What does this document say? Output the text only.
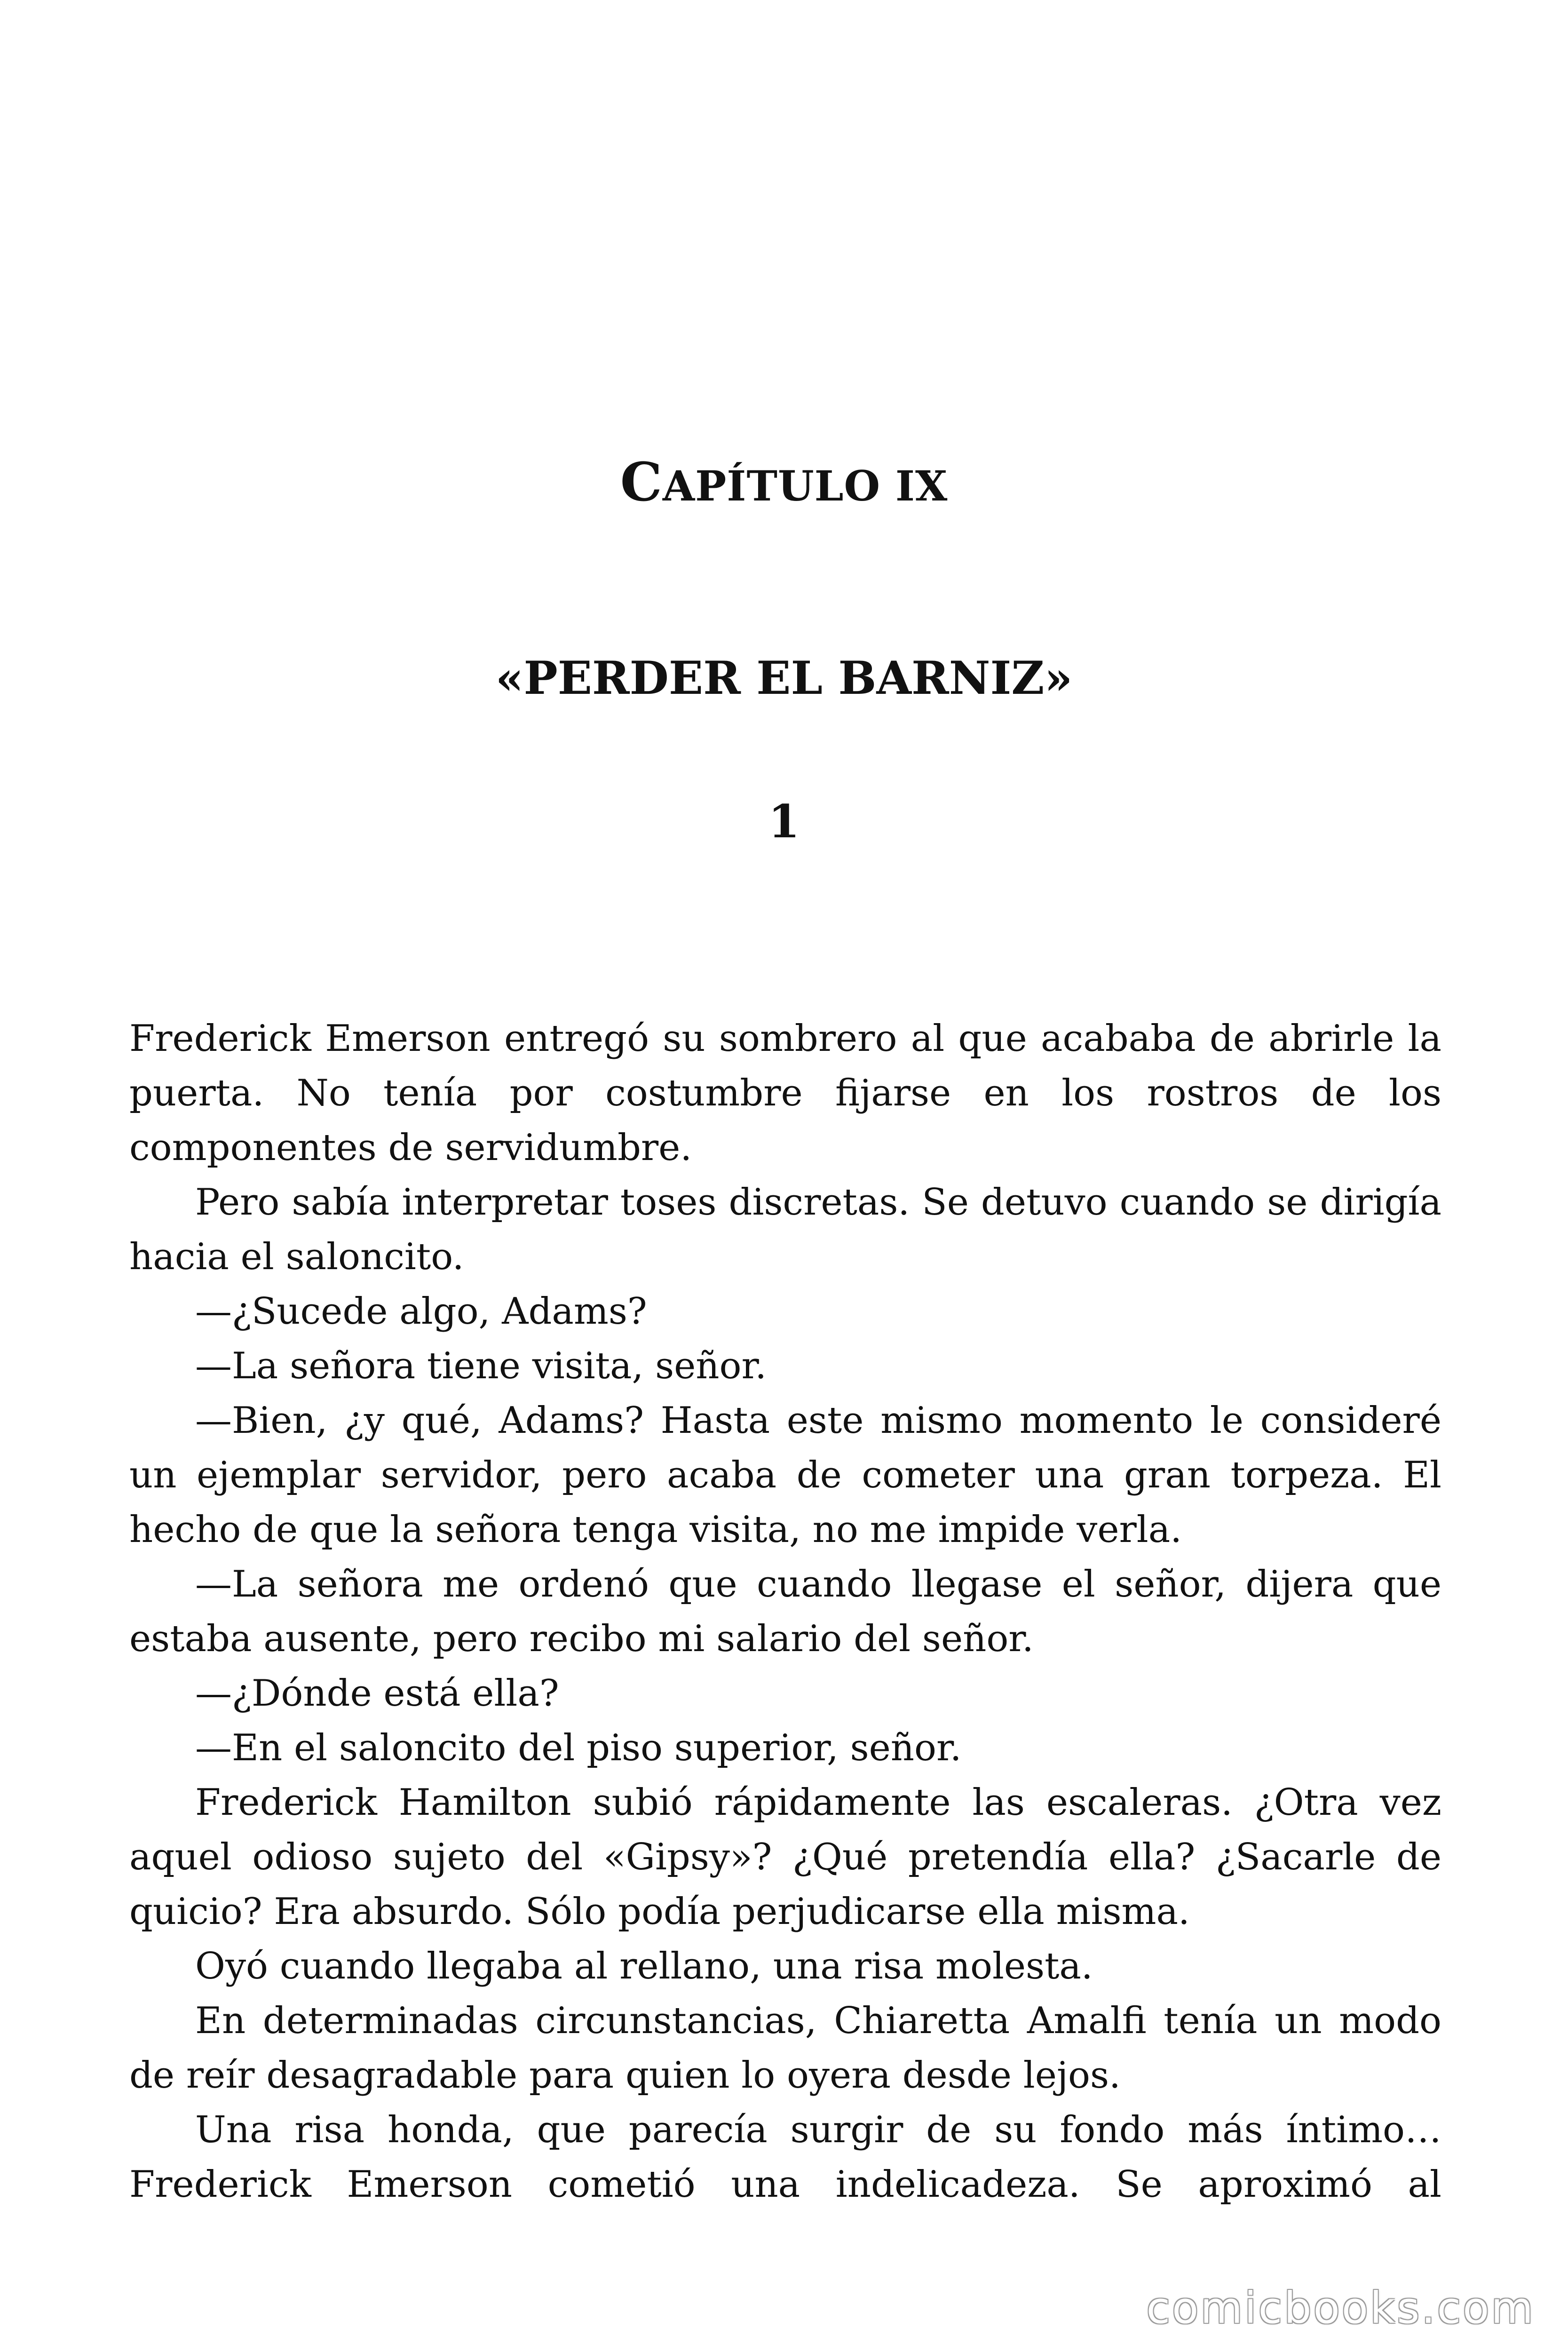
CAPÍTULO IX
«PERDER EL BARNIZ»
1

Frederick Emerson entregó su sombrero al que acababa de abrirle la puerta. No tenía por costumbre fijarse en los rostros de los componentes de servidumbre.

Pero sabía interpretar toses discretas. Se detuvo cuando se dirigía hacia el saloncito.

—¿Sucede algo, Adams?

—La señora tiene visita, señor.

—Bien, ¿y qué, Adams? Hasta este mismo momento le consideré un ejemplar servidor, pero acaba de cometer una gran torpeza. El hecho de que la señora tenga visita, no me impide verla.

—La señora me ordenó que cuando llegase el señor, dijera que estaba ausente, pero recibo mi salario del señor.

—¿Dónde está ella?

—En el saloncito del piso superior, señor.

Frederick Hamilton subió rápidamente las escaleras. ¿Otra vez aquel odioso sujeto del «Gipsy»? ¿Qué pretendía ella? ¿Sacarle de quicio? Era absurdo. Sólo podía perjudicarse ella misma.

Oyó cuando llegaba al rellano, una risa molesta.

En determinadas circunstancias, Chiaretta Amalfi tenía un modo de reír desagradable para quien lo oyera desde lejos.

Una risa honda, que parecía surgir de su fondo más íntimo… Frederick Emerson cometió una indelicadeza. Se aproximó al

comicbooks.com
